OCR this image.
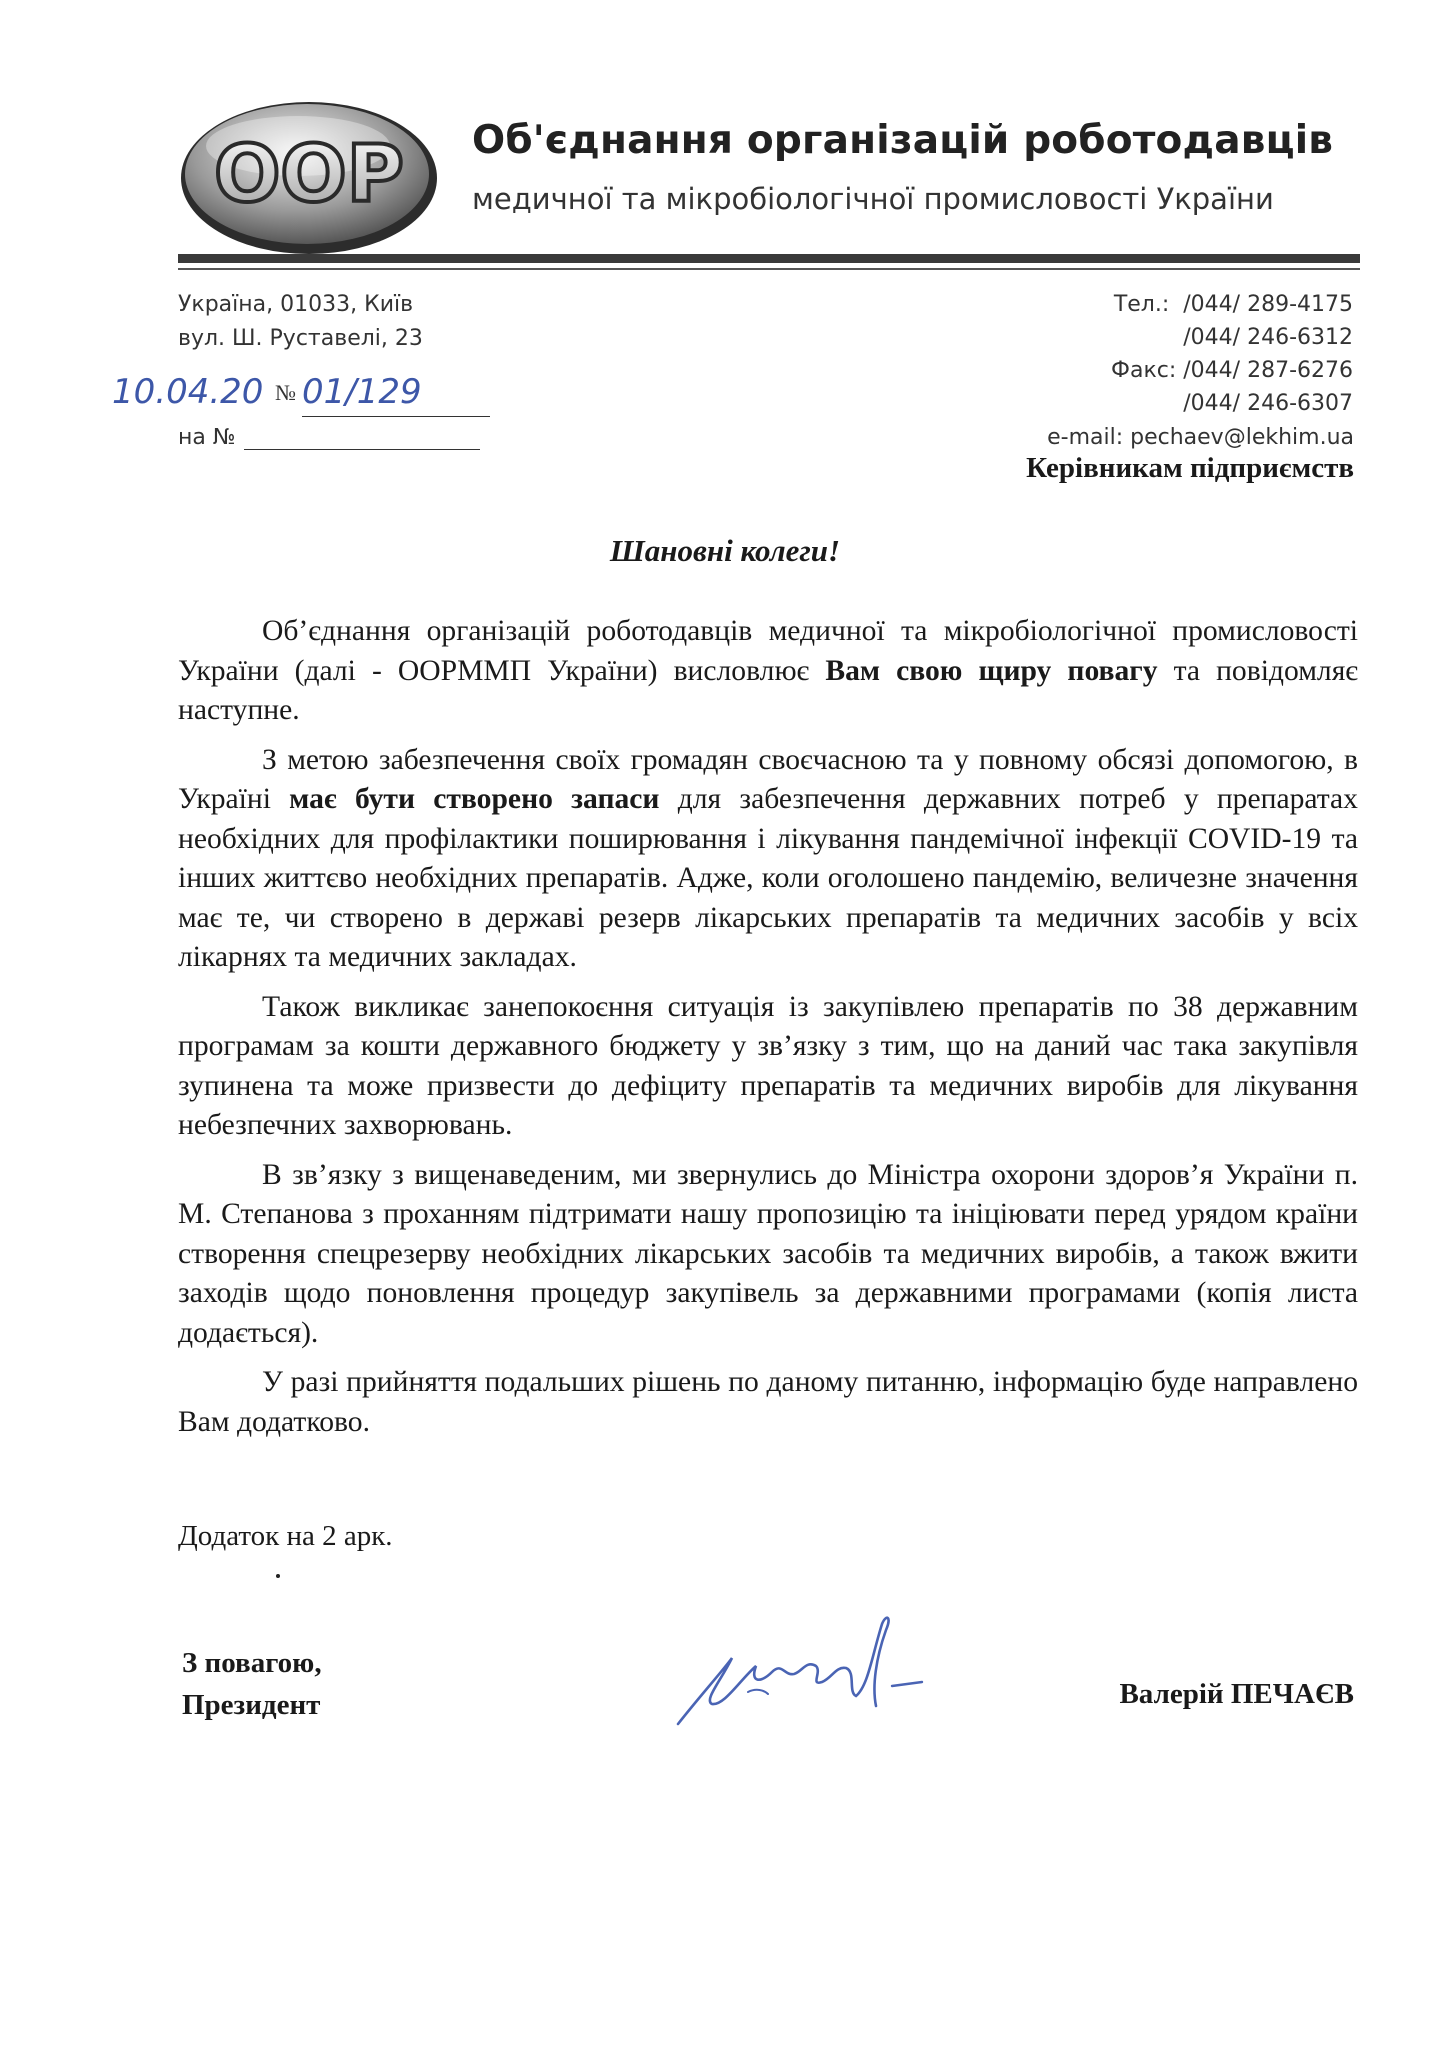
ООР Об'єднання організацій роботодавців
медичної та мікробіологічної промисловості України
Україна, 01033, Київ
вул. Ш. Руставелі, 23
Тел.: /044/ 289-4175
/044/ 246-6312
Факс: /044/ 287-6276
/044/ 246-6307
e-mail: pechaev@lekhim.ua
10.04.20 № 01/129
на №
Керівникам підприємств
Шановні колеги!

Об’єднання організацій роботодавців медичної та мікробіологічної промисловості України (далі - ООРММП України) висловлює Вам свою щиру повагу та повідомляє наступне.

З метою забезпечення своїх громадян своєчасною та у повному обсязі допомогою, в Україні має бути створено запаси для забезпечення державних потреб у препаратах необхідних для профілактики поширювання і лікування пандемічної інфекції COVID-19 та інших життєво необхідних препаратів. Адже, коли оголошено пандемію, величезне значення має те, чи створено в державі резерв лікарських препаратів та медичних засобів у всіх лікарнях та медичних закладах.

Також викликає занепокоєння ситуація із закупівлею препаратів по 38 державним програмам за кошти державного бюджету у зв’язку з тим, що на даний час така закупівля зупинена та може призвести до дефіциту препаратів та медичних виробів для лікування небезпечних захворювань.

В зв’язку з вищенаведеним, ми звернулись до Міністра охорони здоров’я України п. М. Степанова з проханням підтримати нашу пропозицію та ініціювати перед урядом країни створення спецрезерву необхідних лікарських засобів та медичних виробів, а також вжити заходів щодо поновлення процедур закупівель за державними програмами (копія листа додається).

У разі прийняття подальших рішень по даному питанню, інформацію буде направлено Вам додатково.

Додаток на 2 арк.
З повагою,
Президент	Валерій ПЕЧАЄВ
